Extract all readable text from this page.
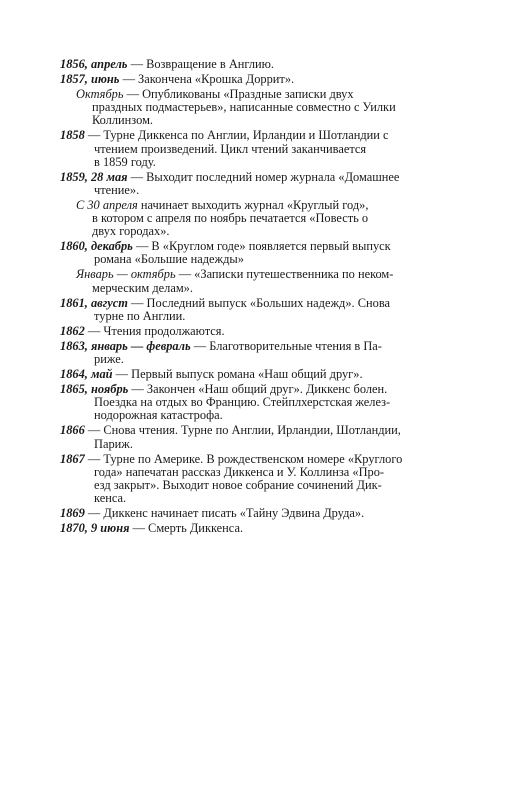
1856, апрель — Возвращение в Англию.
1857, июнь — Закончена «Крошка Доррит».
Октябрь — Опубликованы «Праздные записки двух
праздных подмастерьев», написанные совместно с Уилки
Коллинзом.
1858 — Турне Диккенса по Англии, Ирландии и Шотландии с
чтением произведений. Цикл чтений заканчивается
в 1859 году.
1859, 28 мая — Выходит последний номер журнала «Домашнее
чтение».
С 30 апреля начинает выходить журнал «Круглый год»,
в котором с апреля по ноябрь печатается «Повесть о
двух городах».
1860, декабрь — В «Круглом годе» появляется первый выпуск
романа «Большие надежды»
Январь — октябрь — «Записки путешественника по неком-
мерческим делам».
1861, август — Последний выпуск «Больших надежд». Снова
турне по Англии.
1862 — Чтения продолжаются.
1863, январь — февраль — Благотворительные чтения в Па-
риже.
1864, май — Первый выпуск романа «Наш общий друг».
1865, ноябрь — Закончен «Наш общий друг». Диккенс болен.
Поездка на отдых во Францию. Стейплхерстская желез-
нодорожная катастрофа.
1866 — Снова чтения. Турне по Англии, Ирландии, Шотландии,
Париж.
1867 — Турне по Америке. В рождественском номере «Круглого
года» напечатан рассказ Диккенса и У. Коллинза «Про-
езд закрыт». Выходит новое собрание сочинений Дик-
кенса.
1869 — Диккенс начинает писать «Тайну Эдвина Друда».
1870, 9 июня — Смерть Диккенса.
